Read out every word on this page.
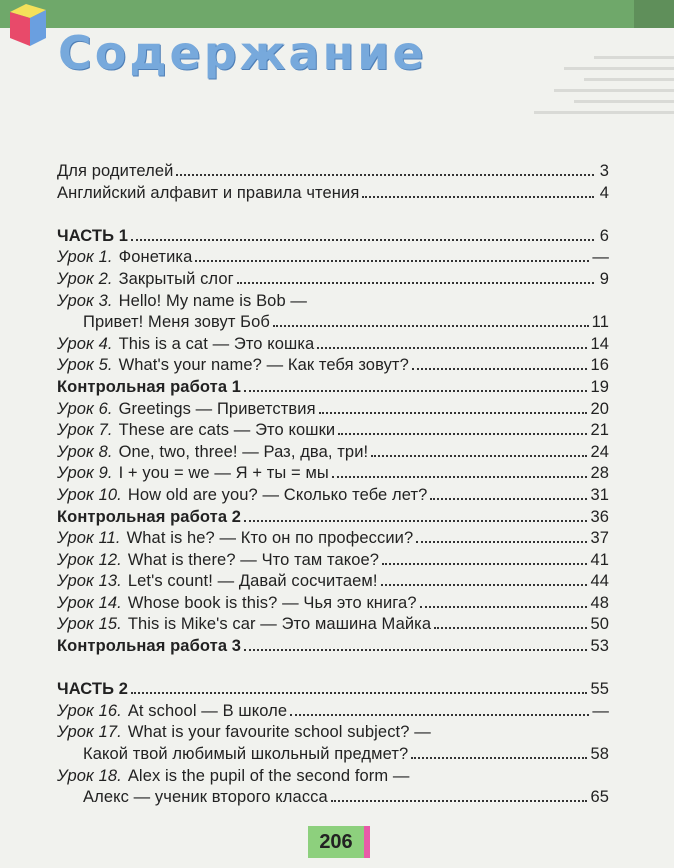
Содержание
Для родителей	3
Английский алфавит и правила чтения	4
ЧАСТЬ 1	6
Урок 1. Фонетика	—
Урок 2. Закрытый слог	9
Урок 3. Hello! My name is Bob —
Привет! Меня зовут Боб	11
Урок 4. This is a cat — Это кошка	14
Урок 5. What's your name? — Как тебя зовут?	16
Контрольная работа 1	19
Урок 6. Greetings — Приветствия	20
Урок 7. These are cats — Это кошки	21
Урок 8. One, two, three! — Раз, два, три!	24
Урок 9. I + you = we — Я + ты = мы	28
Урок 10. How old are you? — Сколько тебе лет?	31
Контрольная работа 2	36
Урок 11. What is he? — Кто он по профессии?	37
Урок 12. What is there? — Что там такое?	41
Урок 13. Let's count! — Давай сосчитаем!	44
Урок 14. Whose book is this? — Чья это книга?	48
Урок 15. This is Mike's car — Это машина Майка	50
Контрольная работа 3	53
ЧАСТЬ 2	55
Урок 16. At school — В школе	—
Урок 17. What is your favourite school subject? —
Какой твой любимый школьный предмет?	58
Урок 18. Alex is the pupil of the second form —
Алекс — ученик второго класса	65
206
